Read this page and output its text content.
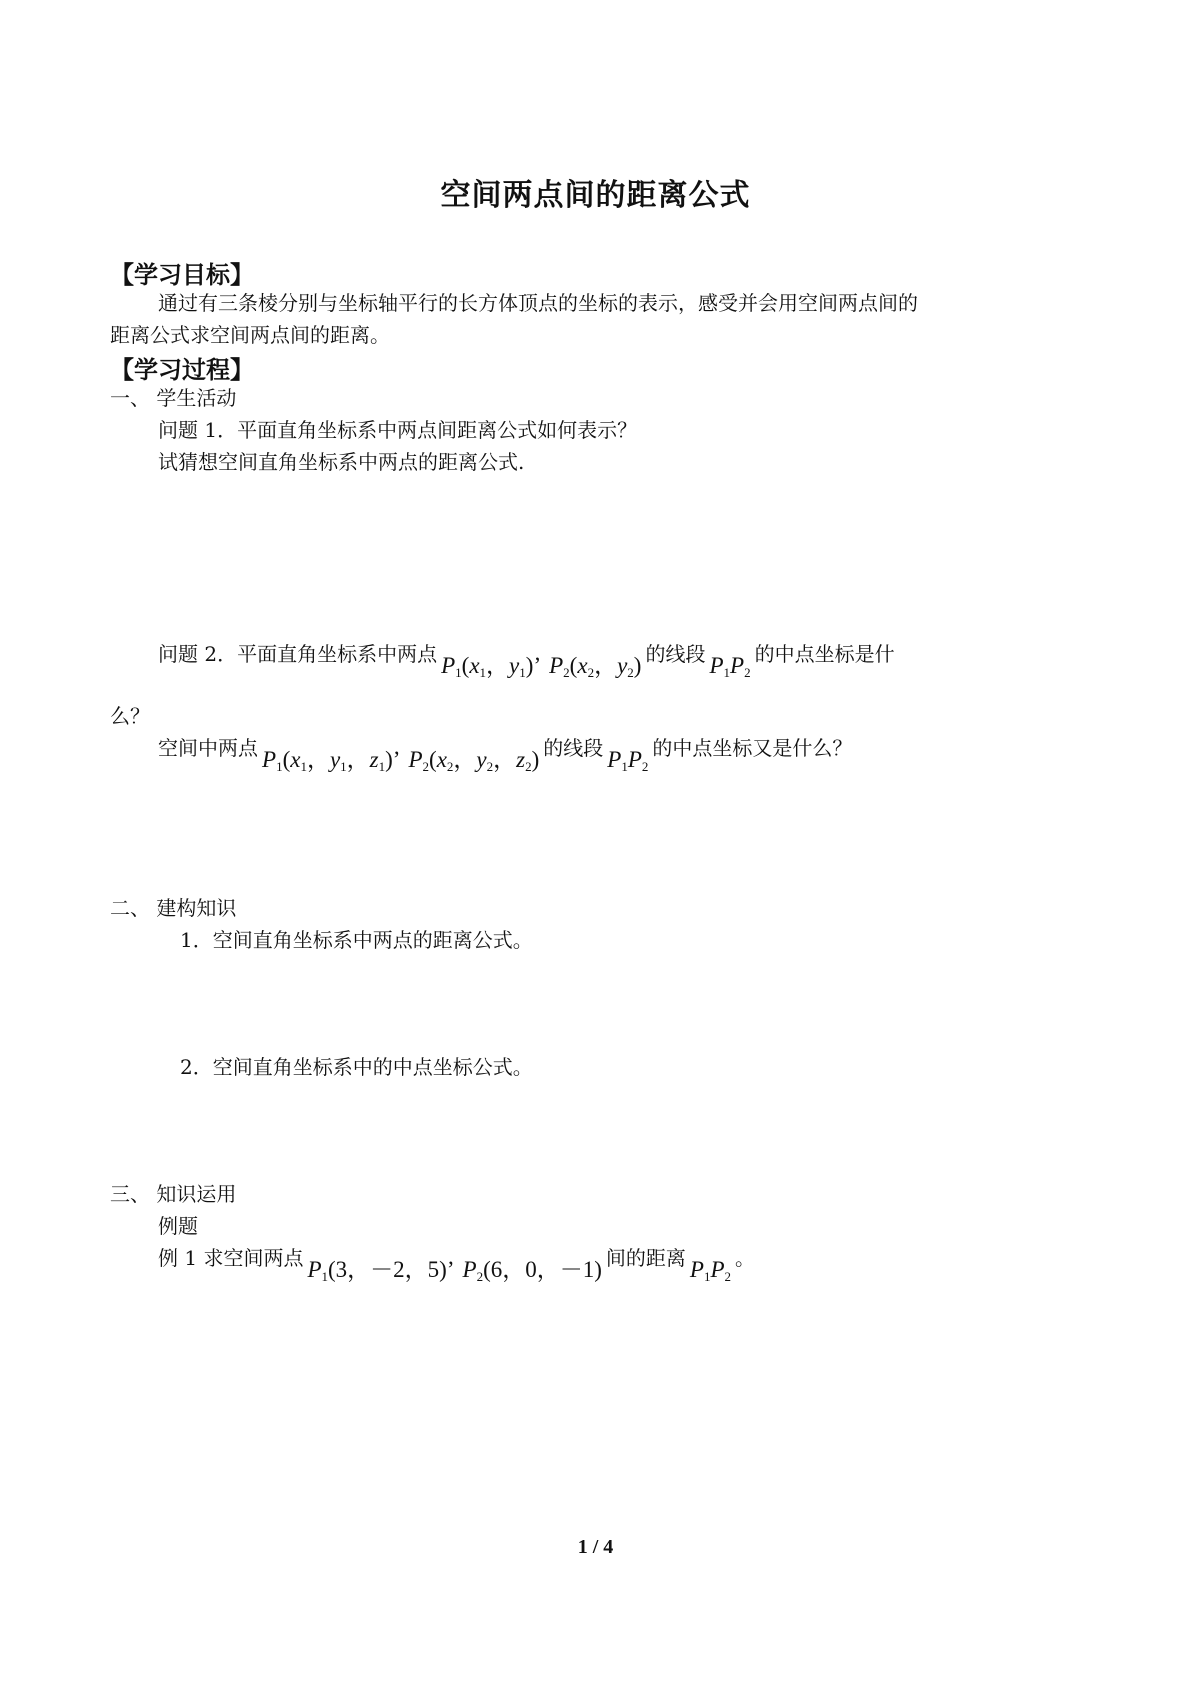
空间两点间的距离公式
【学习目标】
通过有三条棱分别与坐标轴平行的长方体顶点的坐标的表示，感受并会用空间两点间的
距离公式求空间两点间的距离。
【学习过程】
一、 学生活动
问题 1．平面直角坐标系中两点间距离公式如何表示？
试猜想空间直角坐标系中两点的距离公式.
问题 2．平面直角坐标系中两点 $P_1(x_1$，$y_1$)’ $P_2(x_2$，$y_2$) 的线段 $P_1P_2$的中点坐标是什
么？
空间中两点 $P_1(x_1$，$y_1$，$z_1$)’ $P_2(x_2$，$y_2$，$z_2$) 的线段 $P_1P_2$的中点坐标又是什么？
二、 建构知识
1．空间直角坐标系中两点的距离公式。
2．空间直角坐标系中的中点坐标公式。
三、 知识运用
例题
例 1 求空间两点 $P_1(3$，－2，5)’ $P_2(6$，0，－1) 间的距离 $P_1P_2$。
1 / 4
